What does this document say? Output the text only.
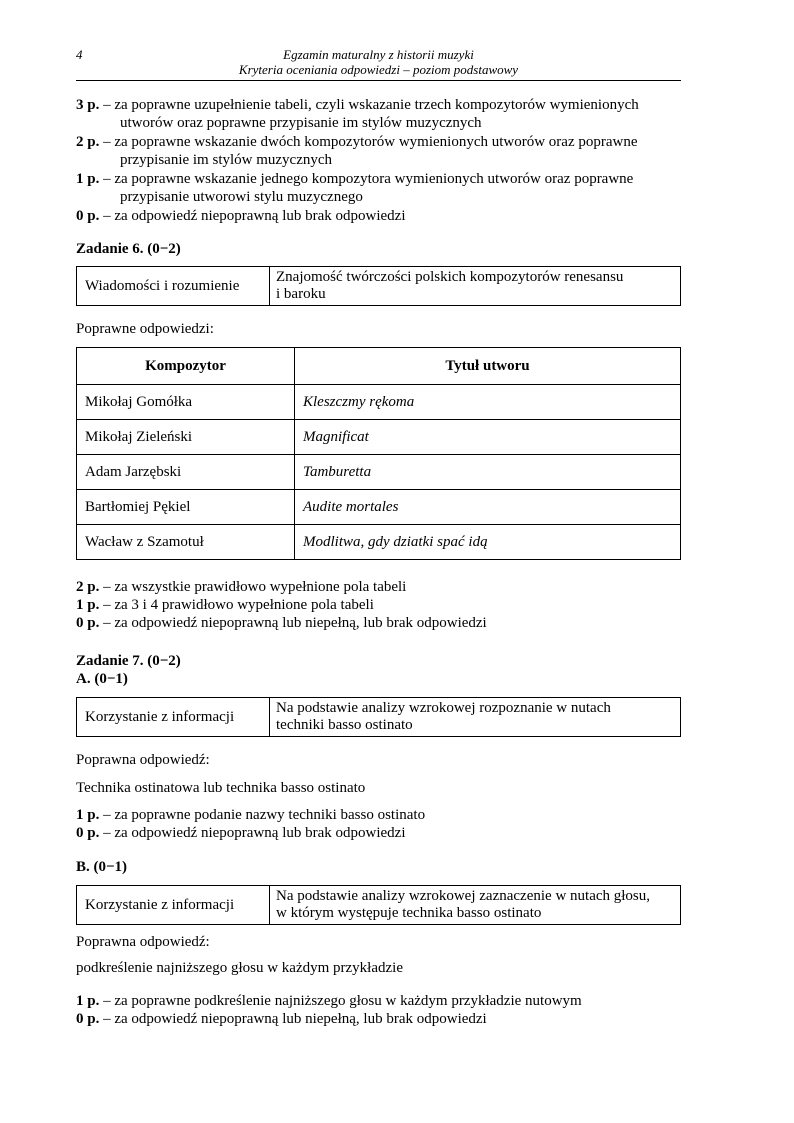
4	Egzamin maturalny z historii muzyki
Kryteria oceniania odpowiedzi – poziom podstawowy
3 p. – za poprawne uzupełnienie tabeli, czyli wskazanie trzech kompozytorów wymienionych
utworów oraz poprawne przypisanie im stylów muzycznych
2 p. – za poprawne wskazanie dwóch kompozytorów wymienionych utworów oraz poprawne
przypisanie im stylów muzycznych
1 p. – za poprawne wskazanie jednego kompozytora wymienionych utworów oraz poprawne
przypisanie utworowi stylu muzycznego
0 p. – za odpowiedź niepoprawną lub brak odpowiedzi
Zadanie 6. (0−2)
Wiadomości i rozumienie	Znajomość twórczości polskich kompozytorów renesansu
i baroku
Poprawne odpowiedzi:
Kompozytor	Tytuł utworu
Mikołaj Gomółka	Kleszczmy rękoma
Mikołaj Zieleński	Magnificat
Adam Jarzębski	Tamburetta
Bartłomiej Pękiel	Audite mortales
Wacław z Szamotuł	Modlitwa, gdy dziatki spać idą
2 p. – za wszystkie prawidłowo wypełnione pola tabeli
1 p. – za 3 i 4 prawidłowo wypełnione pola tabeli
0 p. – za odpowiedź niepoprawną lub niepełną, lub brak odpowiedzi
Zadanie 7. (0−2)
A. (0−1)
Korzystanie z informacji	Na podstawie analizy wzrokowej rozpoznanie w nutach
techniki basso ostinato
Poprawna odpowiedź:
Technika ostinatowa lub technika basso ostinato
1 p. – za poprawne podanie nazwy techniki basso ostinato
0 p. – za odpowiedź niepoprawną lub brak odpowiedzi
B. (0−1)
Korzystanie z informacji	Na podstawie analizy wzrokowej zaznaczenie w nutach głosu,
w którym występuje technika basso ostinato
Poprawna odpowiedź:
podkreślenie najniższego głosu w każdym przykładzie
1 p. – za poprawne podkreślenie najniższego głosu w każdym przykładzie nutowym
0 p. – za odpowiedź niepoprawną lub niepełną, lub brak odpowiedzi
